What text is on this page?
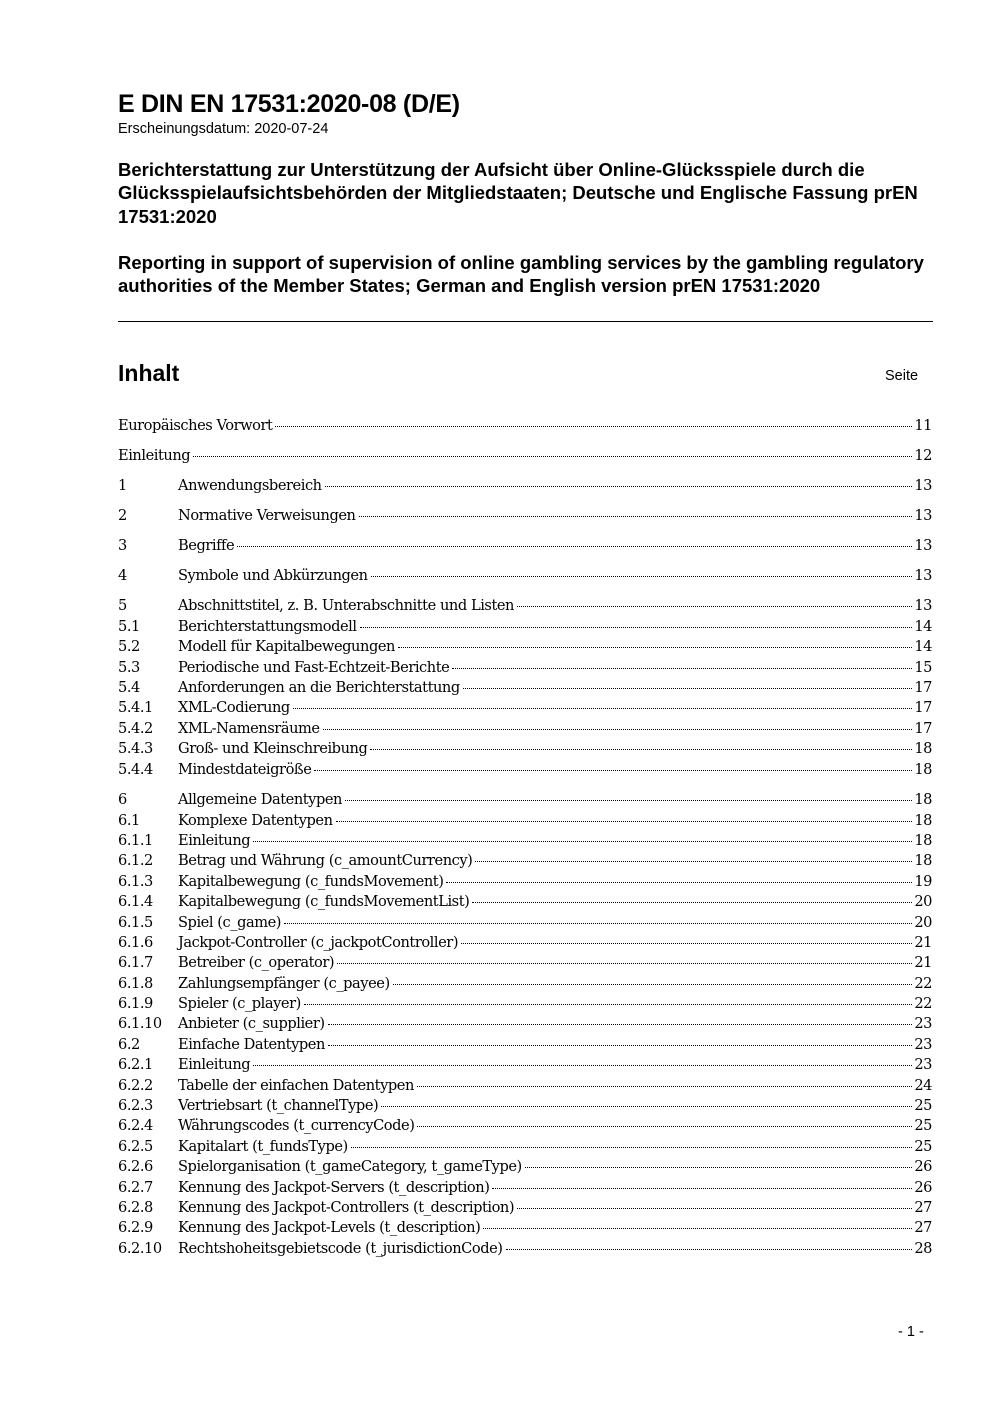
E DIN EN 17531:2020-08 (D/E)

Erscheinungsdatum: 2020-07-24

Berichterstattung zur Unterstützung der Aufsicht über Online-Glücksspiele durch die Glücksspielaufsichtsbehörden der Mitgliedstaaten; Deutsche und Englische Fassung prEN 17531:2020

Reporting in support of supervision of online gambling services by the gambling regulatory authorities of the Member States; German and English version prEN 17531:2020

Inhalt	Seite
Europäisches Vorwort	11
Einleitung	12
1	Anwendungsbereich	13
2	Normative Verweisungen	13
3	Begriffe	13
4	Symbole und Abkürzungen	13
5	Abschnittstitel, z. B. Unterabschnitte und Listen	13
5.1	Berichterstattungsmodell	14
5.2	Modell für Kapitalbewegungen	14
5.3	Periodische und Fast-Echtzeit-Berichte	15
5.4	Anforderungen an die Berichterstattung	17
5.4.1	XML-Codierung	17
5.4.2	XML-Namensräume	17
5.4.3	Groß- und Kleinschreibung	18
5.4.4	Mindestdateigröße	18
6	Allgemeine Datentypen	18
6.1	Komplexe Datentypen	18
6.1.1	Einleitung	18
6.1.2	Betrag und Währung (c_amountCurrency)	18
6.1.3	Kapitalbewegung (c_fundsMovement)	19
6.1.4	Kapitalbewegung (c_fundsMovementList)	20
6.1.5	Spiel (c_game)	20
6.1.6	Jackpot-Controller (c_jackpotController)	21
6.1.7	Betreiber (c_operator)	21
6.1.8	Zahlungsempfänger (c_payee)	22
6.1.9	Spieler (c_player)	22
6.1.10	Anbieter (c_supplier)	23
6.2	Einfache Datentypen	23
6.2.1	Einleitung	23
6.2.2	Tabelle der einfachen Datentypen	24
6.2.3	Vertriebsart (t_channelType)	25
6.2.4	Währungscodes (t_currencyCode)	25
6.2.5	Kapitalart (t_fundsType)	25
6.2.6	Spielorganisation (t_gameCategory, t_gameType)	26
6.2.7	Kennung des Jackpot-Servers (t_description)	26
6.2.8	Kennung des Jackpot-Controllers (t_description)	27
6.2.9	Kennung des Jackpot-Levels (t_description)	27
6.2.10	Rechtshoheitsgebietscode (t_jurisdictionCode)	28
- 1 -
